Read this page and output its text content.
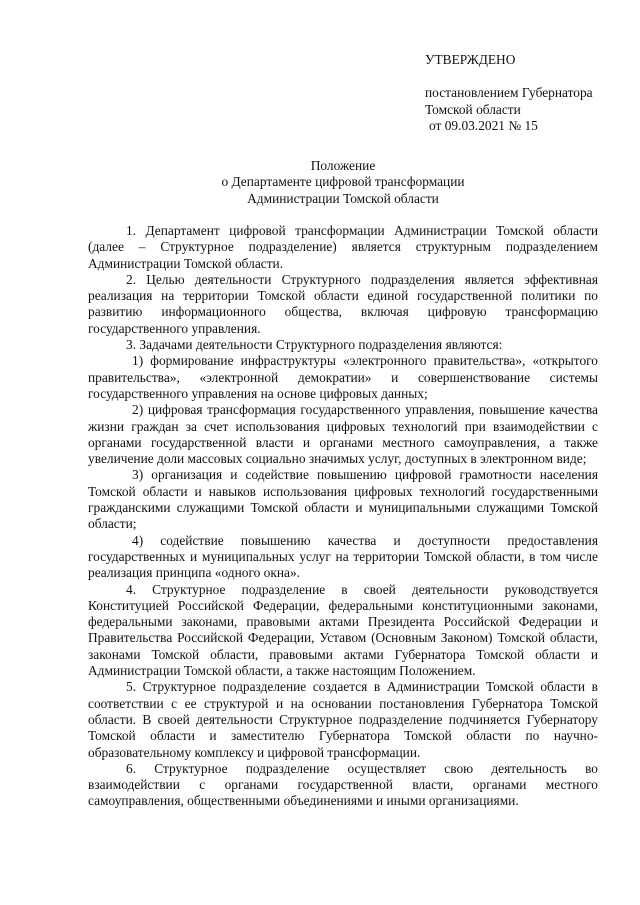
УТВЕРЖДЕНО
постановлением Губернатора
Томской области
от 09.03.2021 № 15
Положение
о Департаменте цифровой трансформации
Администрации Томской области

1. Департамент цифровой трансформации Администрации Томской области (далее – Структурное подразделение) является структурным подразделением Администрации Томской области.

2. Целью деятельности Структурного подразделения является эффективная реализация на территории Томской области единой государственной политики по развитию информационного общества, включая цифровую трансформацию государственного управления.

3. Задачами деятельности Структурного подразделения являются:

1) формирование инфраструктуры «электронного правительства», «открытого правительства», «электронной демократии» и совершенствование системы государственного управления на основе цифровых данных;

2) цифровая трансформация государственного управления, повышение качества жизни граждан за счет использования цифровых технологий при взаимодействии с органами государственной власти и органами местного самоуправления, а также увеличение доли массовых социально значимых услуг, доступных в электронном виде;

3) организация и содействие повышению цифровой грамотности населения Томской области и навыков использования цифровых технологий государственными гражданскими служащими Томской области и муниципальными служащими Томской области;

4) содействие повышению качества и доступности предоставления государственных и муниципальных услуг на территории Томской области, в том числе реализация принципа «одного окна».

4. Структурное подразделение в своей деятельности руководствуется Конституцией Российской Федерации, федеральными конституционными законами, федеральными законами, правовыми актами Президента Российской Федерации и Правительства Российской Федерации, Уставом (Основным Законом) Томской области, законами Томской области, правовыми актами Губернатора Томской области и Администрации Томской области, а также настоящим Положением.

5. Структурное подразделение создается в Администрации Томской области в соответствии с ее структурой и на основании постановления Губернатора Томской области. В своей деятельности Структурное подразделение подчиняется Губернатору Томской области и заместителю Губернатора Томской области по научно-образовательному комплексу и цифровой трансформации.

6. Структурное подразделение осуществляет свою деятельность во взаимодействии с органами государственной власти, органами местного самоуправления, общественными объединениями и иными организациями.
